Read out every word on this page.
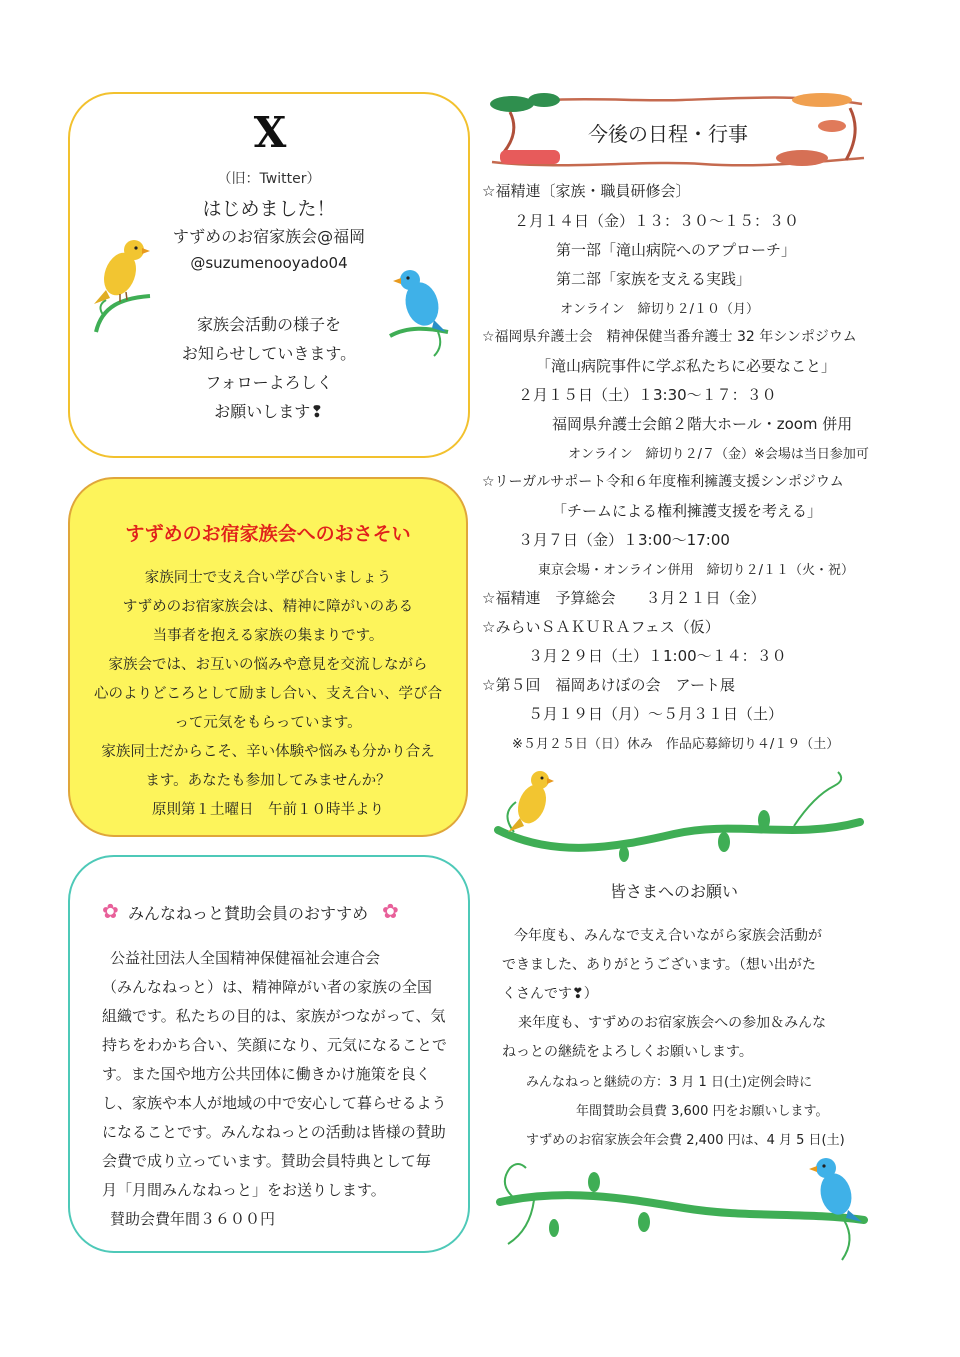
X
（旧：Twitter）
はじめました！
すずめのお宿家族会@福岡
@suzumenooyado04
家族会活動の様子を
お知らせしていきます。
フォローよろしく
お願いします❢
すずめのお宿家族会へのおさそい
家族同士で支え合い学び合いましょう
すずめのお宿家族会は、精神に障がいのある
当事者を抱える家族の集まりです。
家族会では、お互いの悩みや意見を交流しながら
心のよりどころとして励まし合い、支え合い、学び合
って元気をもらっています。
家族同士だからこそ、辛い体験や悩みも分かり合え
ます。あなたも参加してみませんか？
原則第１土曜日　午前１０時半より
✿ みんなねっと賛助会員のおすすめ ✿
公益社団法人全国精神保健福祉会連合会
（みんなねっと）は、精神障がい者の家族の全国
組織です。私たちの目的は、家族がつながって、気
持ちをわかち合い、笑顔になり、元気になることで
す。また国や地方公共団体に働きかけ施策を良く
し、家族や本人が地域の中で安心して暮らせるよう
になることです。みんなねっとの活動は皆様の賛助
会費で成り立っています。賛助会員特典として毎
月「月間みんなねっと」をお送りします。
賛助会費年間３６００円
今後の日程・行事
☆福精連〔家族・職員研修会〕
２月１４日（金）１３：３０～１５：３０
第一部「滝山病院へのアプローチ」
第二部「家族を支える実践」
オンライン　締切り２/１０（月）
☆福岡県弁護士会　精神保健当番弁護士 32 年シンポジウム
「滝山病院事件に学ぶ私たちに必要なこと」
２月１５日（土）１3:30～１７：３０
福岡県弁護士会館２階大ホール・zoom 併用
オンライン　締切り２/７（金）※会場は当日参加可
☆リーガルサポート令和６年度権利擁護支援シンポジウム
「チームによる権利擁護支援を考える」
３月７日（金）１3:00～17:00
東京会場・オンライン併用　締切り２/１１（火・祝）
☆福精連　予算総会　　３月２１日（金）
☆みらいＳＡＫＵＲＡフェス（仮）
３月２９日（土）１1:00～１４：３０
☆第５回　福岡あけぼの会　アート展
５月１９日（月）～５月３１日（土）
※５月２５日（日）休み　作品応募締切り４/１９（土）
皆さまへのお願い
今年度も、みんなで支え合いながら家族会活動が
できました、ありがとうございます。（想い出がた
くさんです❣）
来年度も、すずめのお宿家族会への参加＆みんな
ねっとの継続をよろしくお願いします。
みんなねっと継続の方：3 月 1 日(土)定例会時に
年間賛助会員費 3,600 円をお願いします。
すずめのお宿家族会年会費 2,400 円は、4 月 5 日(土)
